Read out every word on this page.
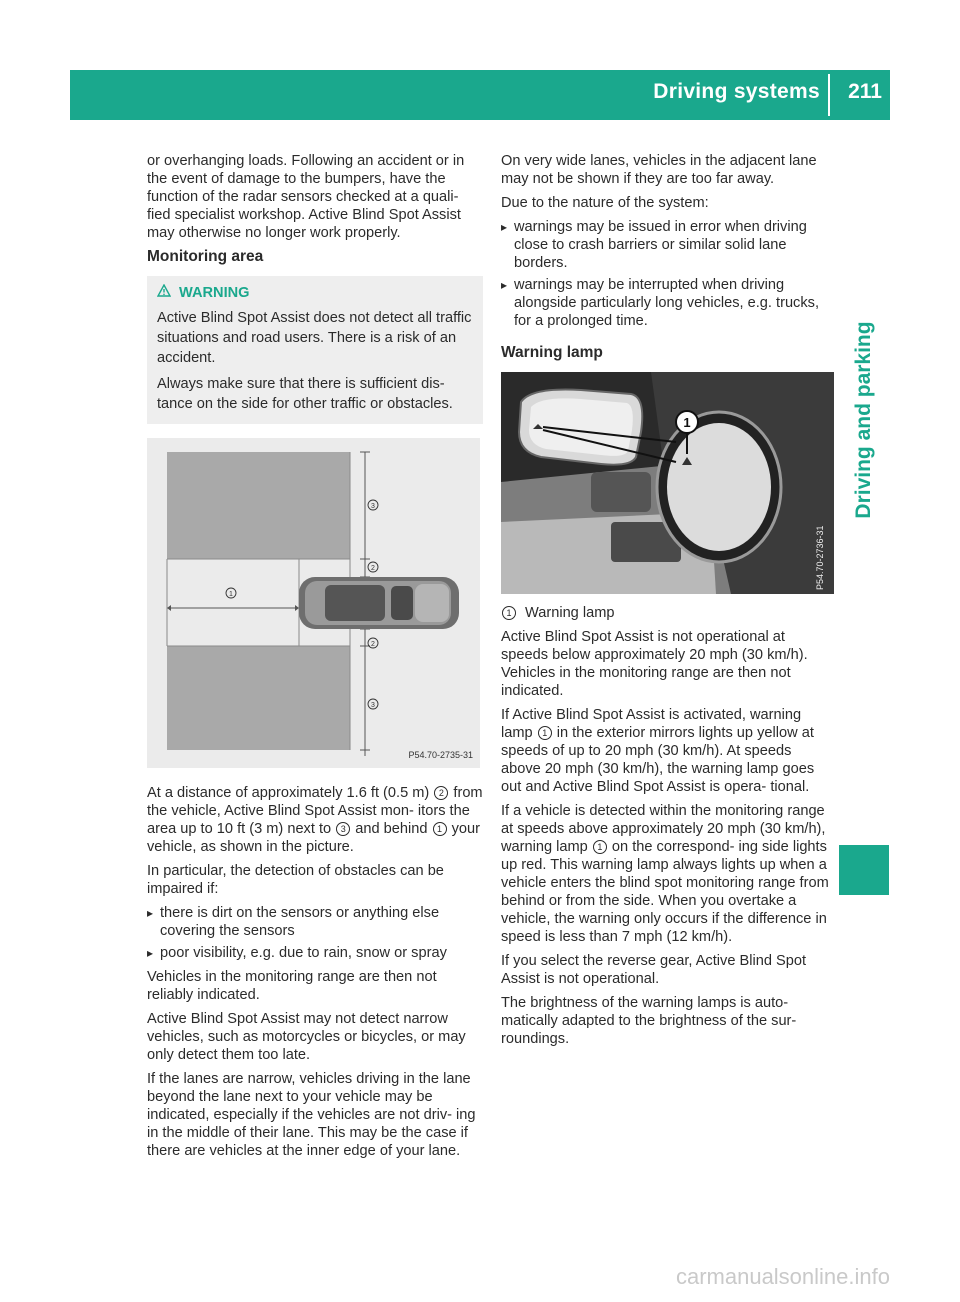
Driving systems 211
Driving and parking

or overhanging loads. Following an accident or in the event of damage to the bumpers, have the function of the radar sensors checked at a quali- fied specialist workshop. Active Blind Spot Assist may otherwise no longer work properly.

Monitoring area
WARNING

Active Blind Spot Assist does not detect all traffic situations and road users. There is a risk of an accident.

Always make sure that there is sufficient dis- tance on the side for other traffic or obstacles.

1
2
2
3
3
P54.70-2735-31

At a distance of approximately 1.6 ft (0.5 m) 2 from the vehicle, Active Blind Spot Assist mon- itors the area up to 10 ft (3 m) next to 3 and behind 1 your vehicle, as shown in the picture.

In particular, the detection of obstacles can be impaired if:

▸ there is dirt on the sensors or anything else covering the sensors
▸ poor visibility, e.g. due to rain, snow or spray

Vehicles in the monitoring range are then not reliably indicated.

Active Blind Spot Assist may not detect narrow vehicles, such as motorcycles or bicycles, or may only detect them too late.

If the lanes are narrow, vehicles driving in the lane beyond the lane next to your vehicle may be indicated, especially if the vehicles are not driv- ing in the middle of their lane. This may be the case if there are vehicles at the inner edge of your lane.

On very wide lanes, vehicles in the adjacent lane may not be shown if they are too far away.

Due to the nature of the system:

▸ warnings may be issued in error when driving close to crash barriers or similar solid lane borders.
▸ warnings may be interrupted when driving alongside particularly long vehicles, e.g. trucks, for a prolonged time.
Warning lamp
1
P54.70-2736-31
1 Warning lamp

Active Blind Spot Assist is not operational at speeds below approximately 20 mph (30 km/h). Vehicles in the monitoring range are then not indicated.

If Active Blind Spot Assist is activated, warning lamp 1 in the exterior mirrors lights up yellow at speeds of up to 20 mph (30 km/h). At speeds above 20 mph (30 km/h), the warning lamp goes out and Active Blind Spot Assist is opera- tional.

If a vehicle is detected within the monitoring range at speeds above approximately 20 mph (30 km/h), warning lamp 1 on the correspond- ing side lights up red. This warning lamp always lights up when a vehicle enters the blind spot monitoring range from behind or from the side. When you overtake a vehicle, the warning only occurs if the difference in speed is less than 7 mph (12 km/h).

If you select the reverse gear, Active Blind Spot Assist is not operational.

The brightness of the warning lamps is auto- matically adapted to the brightness of the sur- roundings.

carmanualsonline.info
